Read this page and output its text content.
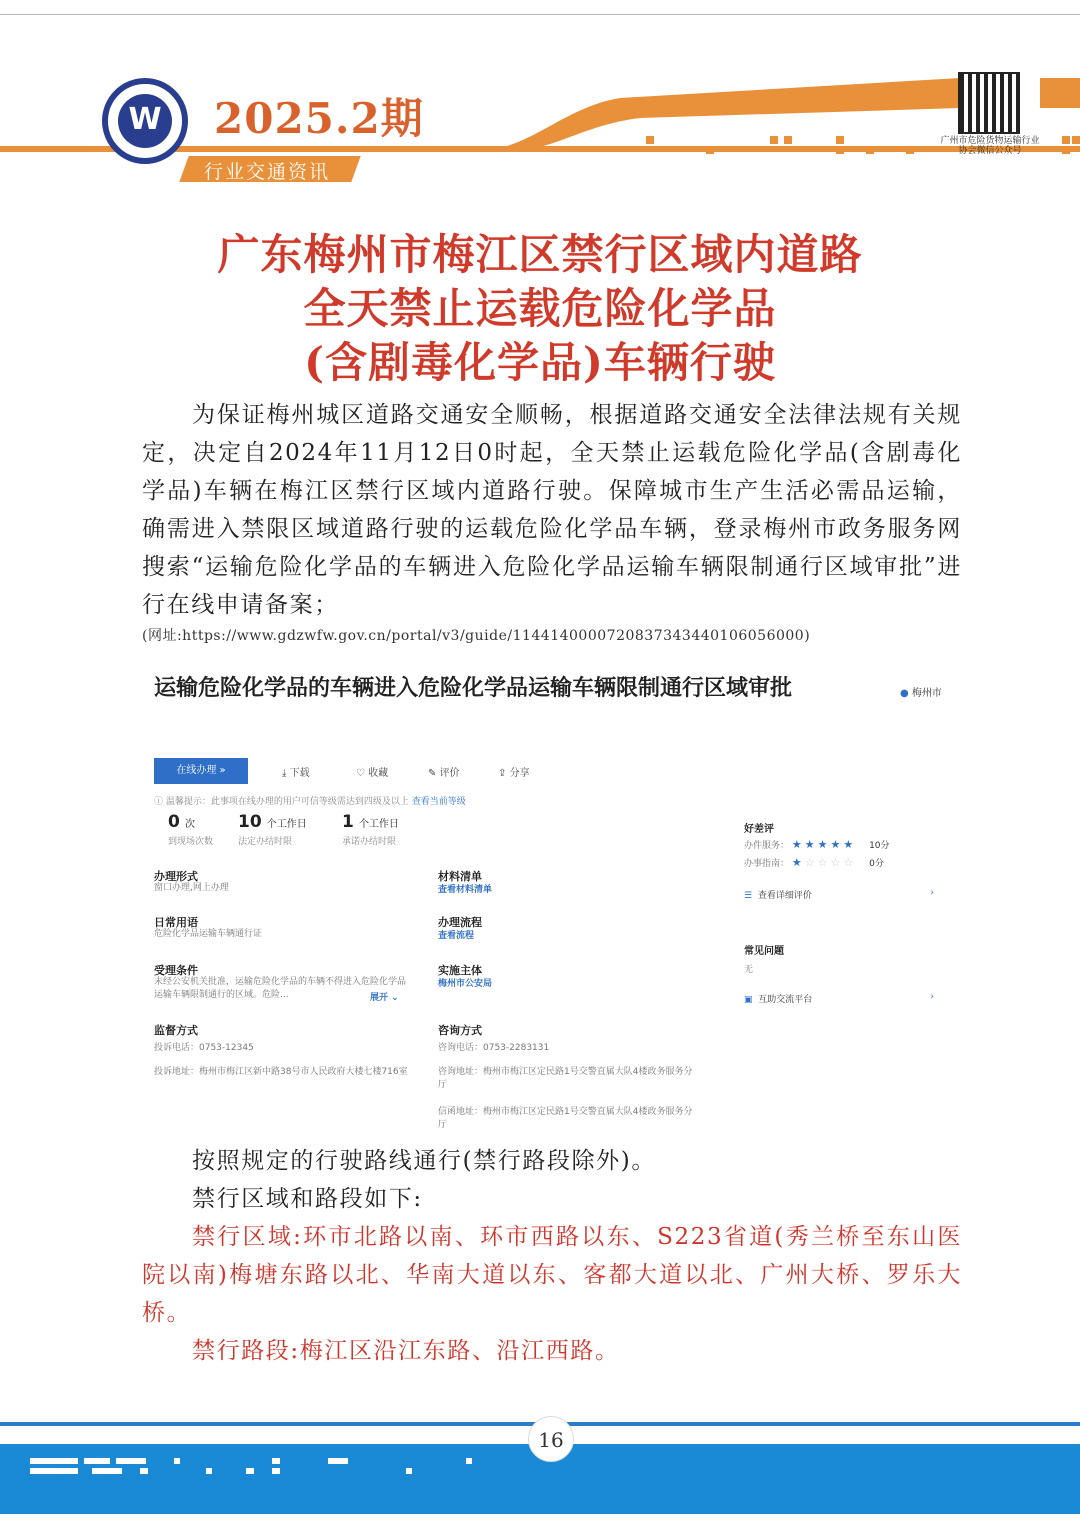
W 2025.2期
行业交通资讯
广州市危险货物运输行业协会微信公众号
广东梅州市梅江区禁行区域内道路
全天禁止运载危险化学品
(含剧毒化学品)车辆行驶
为保证梅州城区道路交通安全顺畅，根据道路交通安全法律法规有关规定，决定自2024年11月12日0时起，全天禁止运载危险化学品(含剧毒化学品)车辆在梅江区禁行区域内道路行驶。保障城市生产生活必需品运输，确需进入禁限区域道路行驶的运载危险化学品车辆，登录梅州市政务服务网搜索“运输危险化学品的车辆进入危险化学品运输车辆限制通行区域审批”进行在线申请备案；
(网址:https://www.gdzwfw.gov.cn/portal/v3/guide/11441400007208373434401060​56000)
运输危险化学品的车辆进入危险化学品运输车辆限制通行区域审批	● 梅州市
在线办理 »	⤓ 下载	♡ 收藏	✎ 评价	⇪ 分享
ⓘ 温馨提示：此事项在线办理的用户可信等级需达到四级及以上 查看当前等级
0 次
到现场次数
10 个工作日
法定办结时限
1 个工作日
承诺办结时限
办理形式
窗口办理,网上办理
材料清单
查看材料清单
日常用语
危险化学品运输车辆通行证
办理流程
查看流程
受理条件
未经公安机关批准，运输危险化学品的车辆不得进入危险化学品运输车辆限制通行的区域。危险...	展开 ⌄
实施主体
梅州市公安局
监督方式
投诉电话：0753-12345
投诉地址：梅州市梅江区新中路38号市人民政府大楼七楼716室
咨询方式
咨询电话：0753-2283131
咨询地址：梅州市梅江区定民路1号交警直属大队4楼政务服务分厅
信函地址：梅州市梅江区定民路1号交警直属大队4楼政务服务分厅
好差评
办件服务： ★★★★★ 10分
办事指南： ★☆☆☆☆ 0分
☰ 查看详细评价	›
常见问题
无
▣ 互助交流平台	›
按照规定的行驶路线通行(禁行路段除外)。
禁行区域和路段如下:
禁行区域:环市北路以南、环市西路以东、S223省道(秀兰桥至东山医院以南)梅塘东路以北、华南大道以东、客都大道以北、广州大桥、罗乐大桥。
禁行路段:梅江区沿江东路、沿江西路。
16
